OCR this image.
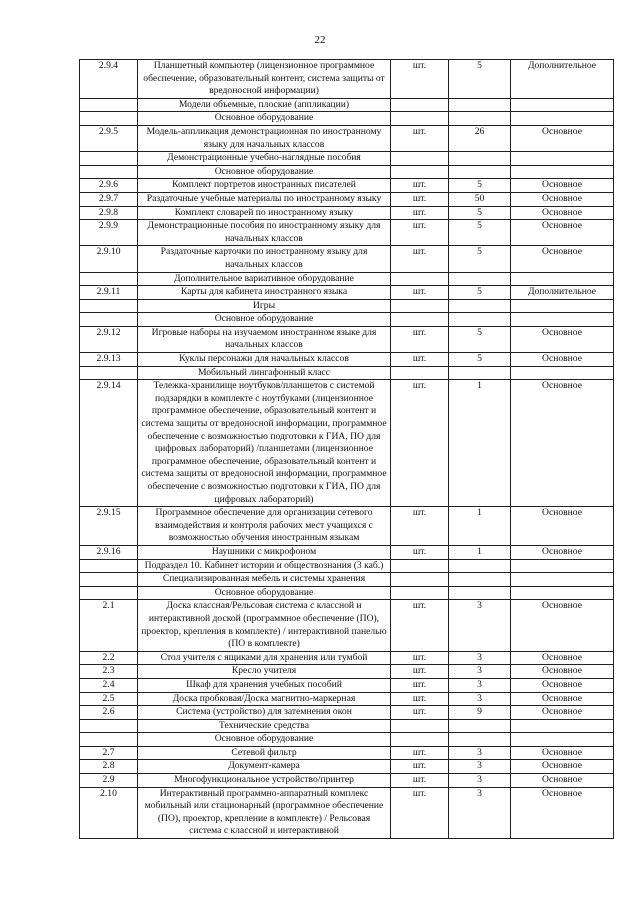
22
2.9.4	Планшетный компьютер (лицензионное программное обеспечение, образовательный контент, система защиты от вредоносной информации)	шт.	5	Дополнительное
	Модели объемные, плоские (аппликации)			
	Основное оборудование			
2.9.5	Модель-аппликация демонстрационная по иностранному языку для начальных классов	шт.	26	Основное
	Демонстрационные учебно-наглядные пособия			
	Основное оборудование			
2.9.6	Комплект портретов иностранных писателей	шт.	5	Основное
2.9.7	Раздаточные учебные материалы по иностранному языку	шт.	50	Основное
2.9.8	Комплект словарей по иностранному языку	шт.	5	Основное
2.9.9	Демонстрационные пособия по иностранному языку для начальных классов	шт.	5	Основное
2.9.10	Раздаточные карточки по иностранному языку для начальных классов	шт.	5	Основное
	Дополнительное вариативное оборудование			
2.9.11	Карты для кабинета иностранного языка	шт.	5	Дополнительное
	Игры			
	Основное оборудование			
2.9.12	Игровые наборы на изучаемом иностранном языке для начальных классов	шт.	5	Основное
2.9.13	Куклы персонажи для начальных классов	шт.	5	Основное
	Мобильный лингафонный класс			
2.9.14	Тележка-хранилище ноутбуков/планшетов с системой подзарядки в комплекте с ноутбуками (лицензионное программное обеспечение, образовательный контент и система защиты от вредоносной информации, программное обеспечение с возможностью подготовки к ГИА, ПО для цифровых лабораторий) /планшетами (лицензионное программное обеспечение, образовательный контент и система защиты от вредоносной информации, программное обеспечение с возможностью подготовки к ГИА, ПО для цифровых лабораторий)	шт.	1	Основное
2.9.15	Программное обеспечение для организации сетевого взаимодействия и контроля рабочих мест учащихся с возможностью обучения иностранным языкам	шт.	1	Основное
2.9.16	Наушники с микрофоном	шт.	1	Основное
	Подраздел 10. Кабинет истории и обществознания (3 каб.)			
	Специализированная мебель и системы хранения			
	Основное оборудование			
2.1	Доска классная/Рельсовая система с классной и интерактивной доской (программное обеспечение (ПО), проектор, крепления в комплекте) / интерактивной панелью (ПО в комплекте)	шт.	3	Основное
2.2	Стол учителя с ящиками для хранения или тумбой	шт.	3	Основное
2.3	Кресло учителя	шт.	3	Основное
2.4	Шкаф для хранения учебных пособий	шт.	3	Основное
2.5	Доска пробковая/Доска магнитно-маркерная	шт.	3	Основное
2.6	Система (устройство) для затемнения окон	шт.	9	Основное
	Технические средства			
	Основное оборудование			
2.7	Сетевой фильтр	шт.	3	Основное
2.8	Документ-камера	шт.	3	Основное
2.9	Многофункциональное устройство/принтер	шт.	3	Основное
2.10	Интерактивный программно-аппаратный комплекс мобильный или стационарный (программное обеспечение (ПО), проектор, крепление в комплекте) / Рельсовая система с классной и интерактивной	шт.	3	Основное
